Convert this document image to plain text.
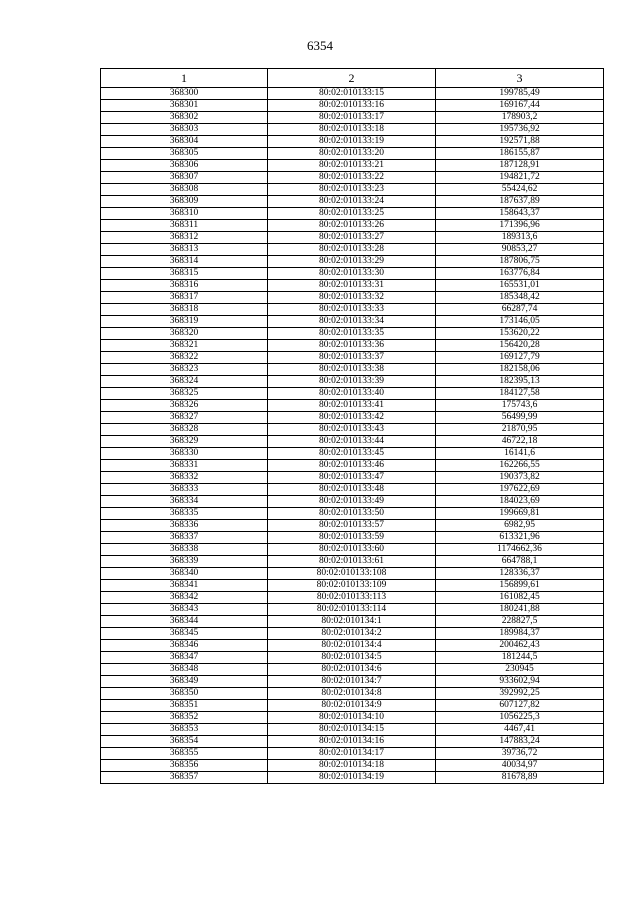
6354
1	2	3
368300	80:02:010133:15	199785,49
368301	80:02:010133:16	169167,44
368302	80:02:010133:17	178903,2
368303	80:02:010133:18	195736,92
368304	80:02:010133:19	192571,88
368305	80:02:010133:20	186155,87
368306	80:02:010133:21	187128,91
368307	80:02:010133:22	194821,72
368308	80:02:010133:23	55424,62
368309	80:02:010133:24	187637,89
368310	80:02:010133:25	158643,37
368311	80:02:010133:26	171396,96
368312	80:02:010133:27	189313,6
368313	80:02:010133:28	90853,27
368314	80:02:010133:29	187806,75
368315	80:02:010133:30	163776,84
368316	80:02:010133:31	165531,01
368317	80:02:010133:32	185348,42
368318	80:02:010133:33	66287,74
368319	80:02:010133:34	173146,05
368320	80:02:010133:35	153620,22
368321	80:02:010133:36	156420,28
368322	80:02:010133:37	169127,79
368323	80:02:010133:38	182158,06
368324	80:02:010133:39	182395,13
368325	80:02:010133:40	184127,58
368326	80:02:010133:41	175743,6
368327	80:02:010133:42	56499,99
368328	80:02:010133:43	21870,95
368329	80:02:010133:44	46722,18
368330	80:02:010133:45	16141,6
368331	80:02:010133:46	162266,55
368332	80:02:010133:47	190373,82
368333	80:02:010133:48	197622,69
368334	80:02:010133:49	184023,69
368335	80:02:010133:50	199669,81
368336	80:02:010133:57	6982,95
368337	80:02:010133:59	613321,96
368338	80:02:010133:60	1174662,36
368339	80:02:010133:61	664788,1
368340	80:02:010133:108	128336,37
368341	80:02:010133:109	156899,61
368342	80:02:010133:113	161082,45
368343	80:02:010133:114	180241,88
368344	80:02:010134:1	228827,5
368345	80:02:010134:2	189984,37
368346	80:02:010134:4	200462,43
368347	80:02:010134:5	181244,5
368348	80:02:010134:6	230945
368349	80:02:010134:7	933602,94
368350	80:02:010134:8	392992,25
368351	80:02:010134:9	607127,82
368352	80:02:010134:10	1056225,3
368353	80:02:010134:15	4467,41
368354	80:02:010134:16	147883,24
368355	80:02:010134:17	39736,72
368356	80:02:010134:18	40034,97
368357	80:02:010134:19	81678,89
